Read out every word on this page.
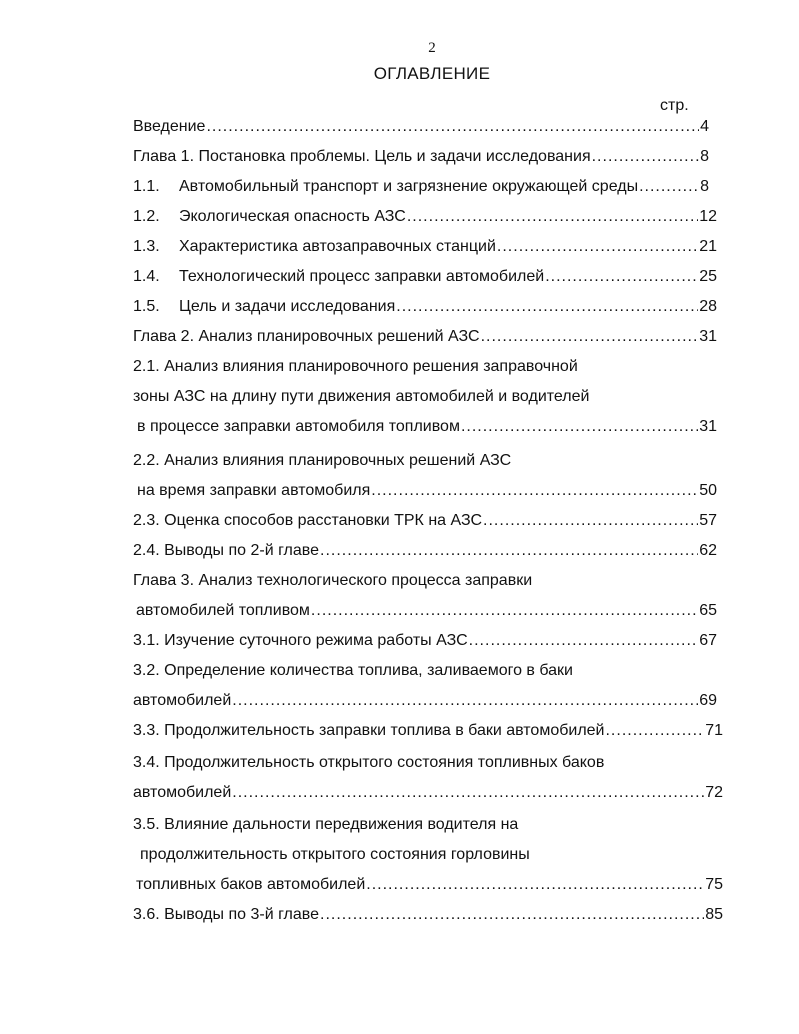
2
ОГЛАВЛЕНИЕ
стр.
Введение .....	4
Глава 1. Постановка проблемы. Цель и задачи исследования .....	8
1.1.	Автомобильный транспорт и загрязнение окружающей среды .....	8
1.2.	Экологическая опасность АЗС .....	12
1.3.	Характеристика автозаправочных станций .....	21
1.4.	Технологический процесс заправки автомобилей .....	25
1.5.	Цель и задачи исследования .....	28
Глава 2. Анализ планировочных решений АЗС .....	31
2.1. Анализ влияния планировочного решения заправочной
зоны АЗС на длину пути движения автомобилей и водителей
в процессе заправки автомобиля топливом .....	31
2.2. Анализ влияния планировочных решений АЗС
на время заправки автомобиля .....	50
2.3. Оценка способов расстановки ТРК на АЗС .....	57
2.4. Выводы по 2-й главе .....	62
Глава 3. Анализ технологического процесса заправки
автомобилей топливом .....	65
3.1. Изучение суточного режима работы АЗС .....	67
3.2. Определение количества топлива, заливаемого в баки
автомобилей .....	69
3.3. Продолжительность заправки топлива в баки автомобилей .....	71
3.4. Продолжительность открытого состояния топливных баков
автомобилей .....	72
3.5. Влияние дальности передвижения водителя на
продолжительность открытого состояния горловины
топливных баков автомобилей .....	75
3.6. Выводы по 3-й главе .....	85
